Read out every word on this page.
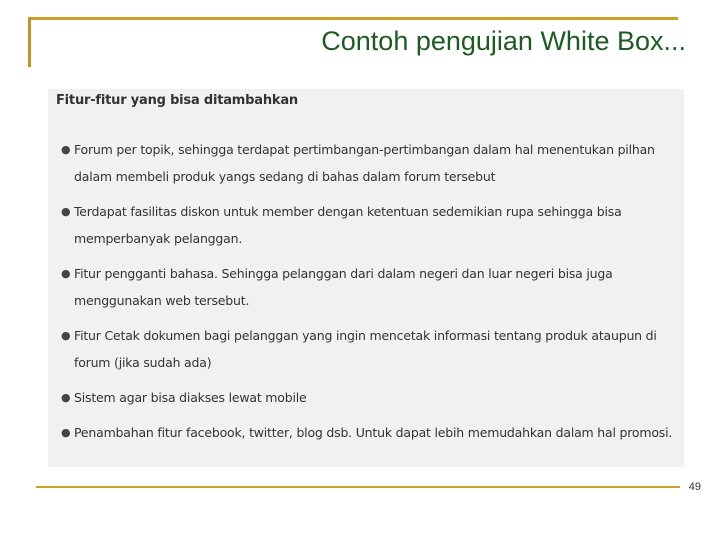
Contoh pengujian White Box...
Fitur-fitur yang bisa ditambahkan
● Forum per topik, sehingga terdapat pertimbangan-pertimbangan dalam hal menentukan pilhan dalam membeli produk yangs sedang di bahas dalam forum tersebut
● Terdapat fasilitas diskon untuk member dengan ketentuan sedemikian rupa sehingga bisa memperbanyak pelanggan.
● Fitur pengganti bahasa. Sehingga pelanggan dari dalam negeri dan luar negeri bisa juga menggunakan web tersebut.
● Fitur Cetak dokumen bagi pelanggan yang ingin mencetak informasi tentang produk ataupun di forum (jika sudah ada)
● Sistem agar bisa diakses lewat mobile
● Penambahan fitur facebook, twitter, blog dsb. Untuk dapat lebih memudahkan dalam hal promosi.
49
